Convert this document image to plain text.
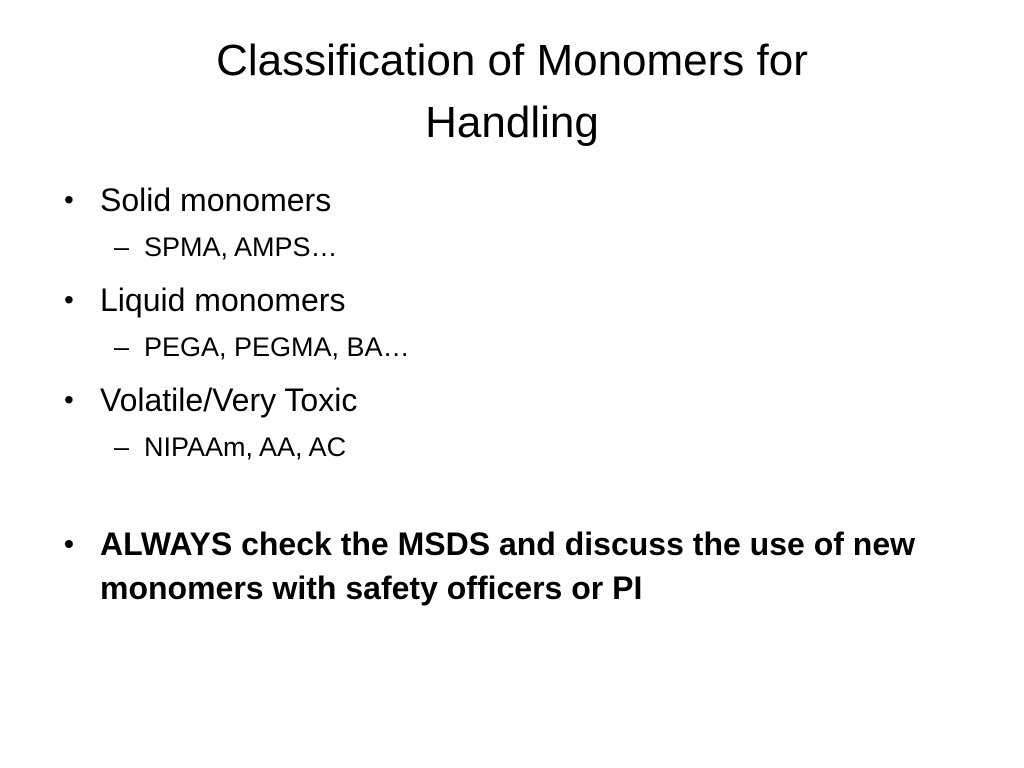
Classification of Monomers for
Handling
• Solid monomers
– SPMA, AMPS…
• Liquid monomers
– PEGA, PEGMA, BA…
• Volatile/Very Toxic
– NIPAAm, AA, AC
• ALWAYS check the MSDS and discuss the use of new monomers with safety officers or PI
